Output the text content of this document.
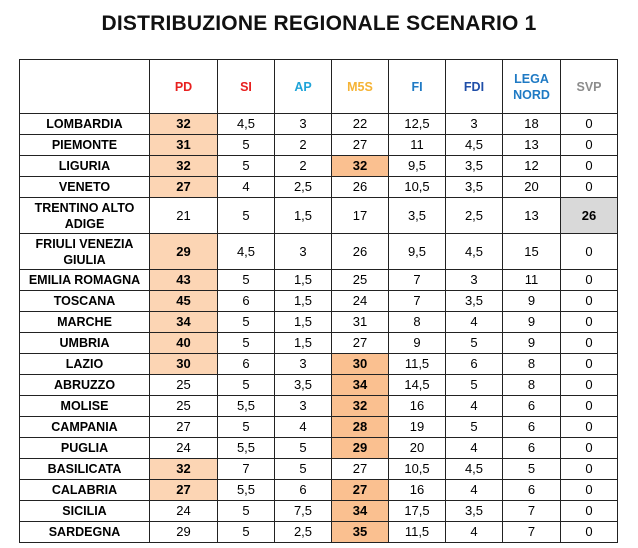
DISTRIBUZIONE REGIONALE SCENARIO 1
	PD	SI	AP	M5S	FI	FDI	LEGA NORD	SVP
LOMBARDIA	32	4,5	3	22	12,5	3	18	0
PIEMONTE	31	5	2	27	11	4,5	13	0
LIGURIA	32	5	2	32	9,5	3,5	12	0
VENETO	27	4	2,5	26	10,5	3,5	20	0
TRENTINO ALTO ADIGE	21	5	1,5	17	3,5	2,5	13	26
FRIULI VENEZIA GIULIA	29	4,5	3	26	9,5	4,5	15	0
EMILIA ROMAGNA	43	5	1,5	25	7	3	11	0
TOSCANA	45	6	1,5	24	7	3,5	9	0
MARCHE	34	5	1,5	31	8	4	9	0
UMBRIA	40	5	1,5	27	9	5	9	0
LAZIO	30	6	3	30	11,5	6	8	0
ABRUZZO	25	5	3,5	34	14,5	5	8	0
MOLISE	25	5,5	3	32	16	4	6	0
CAMPANIA	27	5	4	28	19	5	6	0
PUGLIA	24	5,5	5	29	20	4	6	0
BASILICATA	32	7	5	27	10,5	4,5	5	0
CALABRIA	27	5,5	6	27	16	4	6	0
SICILIA	24	5	7,5	34	17,5	3,5	7	0
SARDEGNA	29	5	2,5	35	11,5	4	7	0
